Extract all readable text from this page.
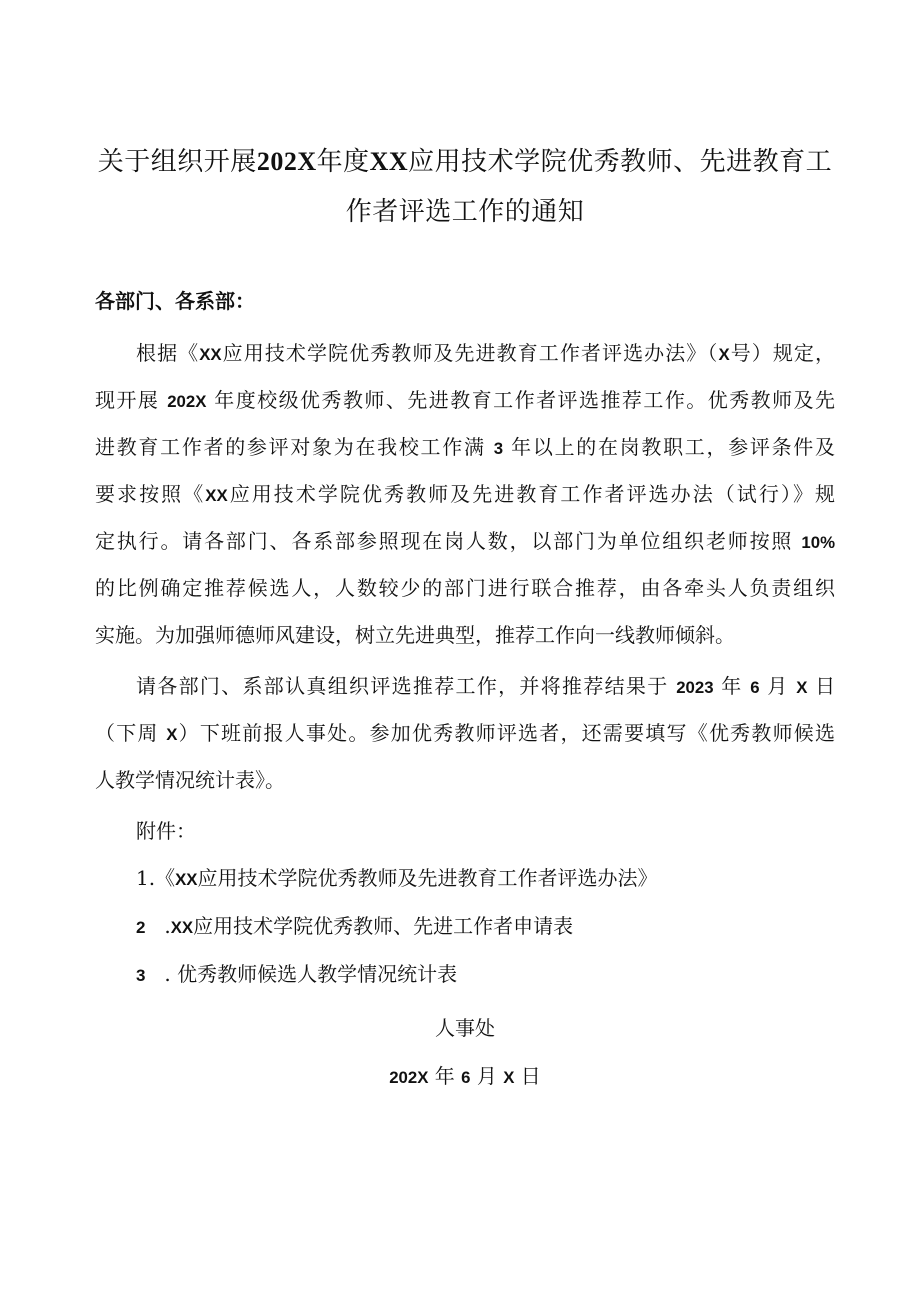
关于组织开展202X年度XX应用技术学院优秀教师、先进教育工
作者评选工作的通知
各部门、各系部：
根据《XX应用技术学院优秀教师及先进教育工作者评选办法》（X号）规定，
现开展 202X 年度校级优秀教师、先进教育工作者评选推荐工作。优秀教师及先
进教育工作者的参评对象为在我校工作满 3 年以上的在岗教职工，参评条件及
要求按照《XX应用技术学院优秀教师及先进教育工作者评选办法（试行）》规
定执行。请各部门、各系部参照现在岗人数，以部门为单位组织老师按照 10%
的比例确定推荐候选人，人数较少的部门进行联合推荐，由各牵头人负责组织
实施。为加强师德师风建设，树立先进典型，推荐工作向一线教师倾斜。
请各部门、系部认真组织评选推荐工作，并将推荐结果于 2023 年 6 月 X 日
（下周 X）下班前报人事处。参加优秀教师评选者，还需要填写《优秀教师候选
人教学情况统计表》。
附件：
1.《XX应用技术学院优秀教师及先进教育工作者评选办法》
2 .XX应用技术学院优秀教师、先进工作者申请表
3 . 优秀教师候选人教学情况统计表
人事处
202X 年 6 月 X 日
